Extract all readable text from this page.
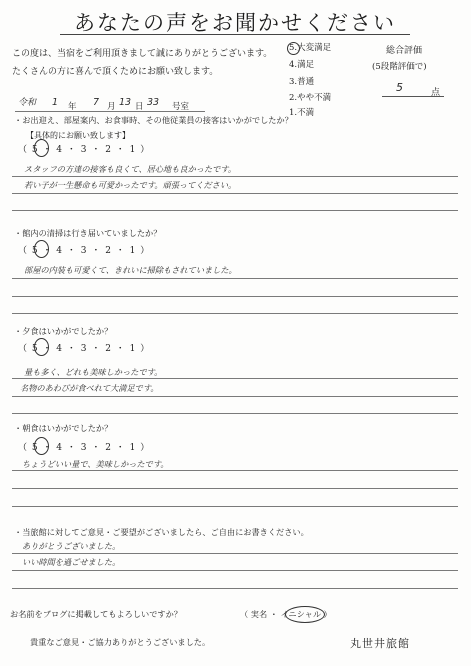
あなたの声をお聞かせください
この度は、当宿をご利用頂きまして誠にありがとうございます。
たくさんの方に喜んで頂くためにお願い致します。
5.大変満足
4.満足
3.普通
2.やや不満
1.不満
総合評価
(5段階評価で)
5	点
令和 1 年 7 月 13 日 33 号室
・お出迎え、部屋案内、お食事時、その他従業員の接客はいかがでしたか？
【具体的にお願い致します】
（ 5 ・ 4 ・ 3 ・ 2 ・ 1 ）
スタッフの方達の接客も良くて、居心地も良かったです。
若い子が一生懸命も可愛かったです。頑張ってください。
・館内の清掃は行き届いていましたか？
（ 5 ・ 4 ・ 3 ・ 2 ・ 1 ）
部屋の内装も可愛くて、きれいに掃除もされていました。
・夕食はいかがでしたか？
（ 5 ・ 4 ・ 3 ・ 2 ・ 1 ）
量も多く、どれも美味しかったです。
名物のあわびが食べれて大満足です。
・朝食はいかがでしたか？
（ 5 ・ 4 ・ 3 ・ 2 ・ 1 ）
ちょうどいい量で、美味しかったです。
・当旅館に対してご意見・ご要望がございましたら、ご自由にお書きください。
ありがとうございました。
いい時間を過ごせました。
お名前をブログに掲載してもよろしいですか？	（ 実名 ・ イニシャル ）
貴重なご意見・ご協力ありがとうございました。	丸世井旅館
